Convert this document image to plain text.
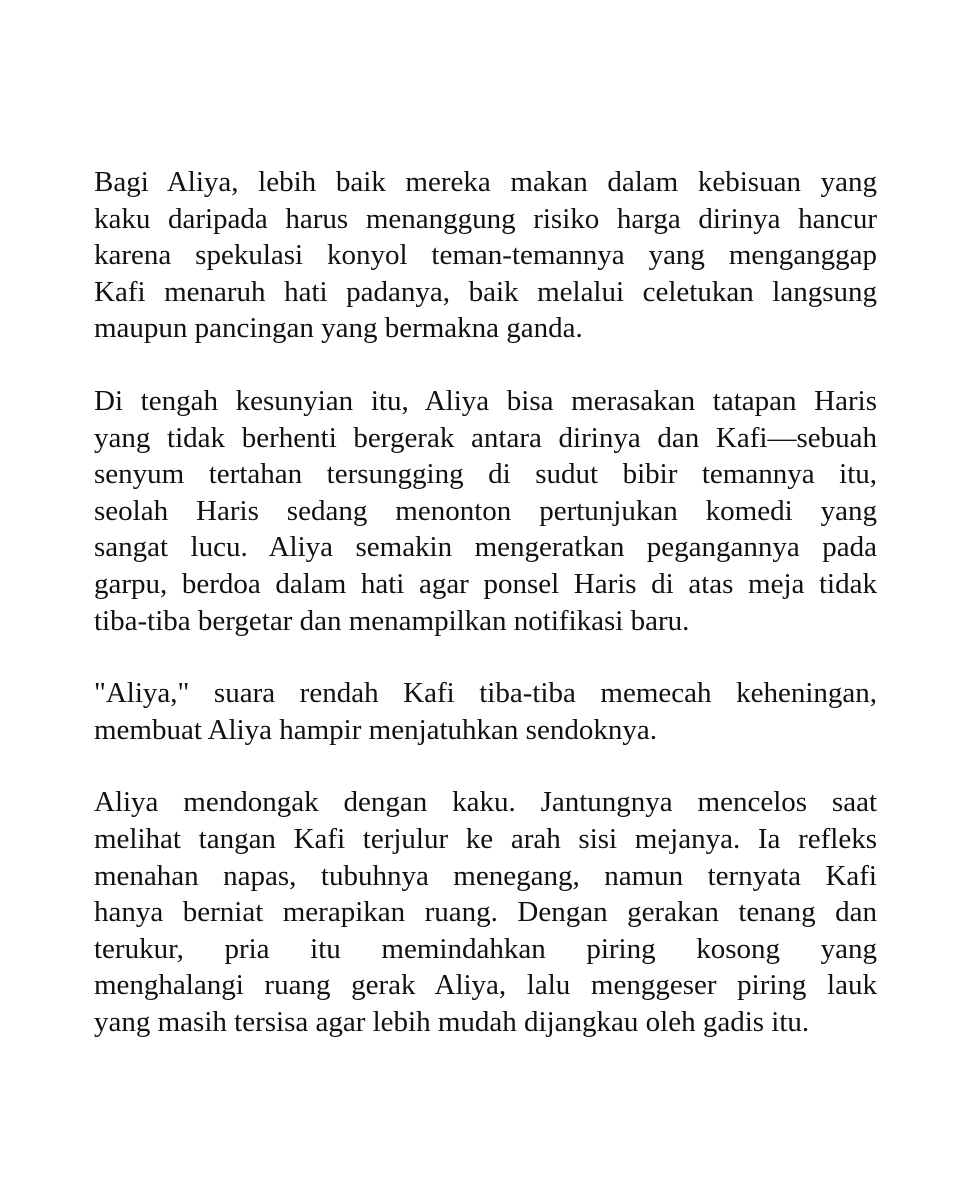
Bagi Aliya, lebih baik mereka makan dalam kebisuan yang
kaku daripada harus menanggung risiko harga dirinya hancur
karena spekulasi konyol teman-temannya yang menganggap
Kafi menaruh hati padanya, baik melalui celetukan langsung
maupun pancingan yang bermakna ganda.

Di tengah kesunyian itu, Aliya bisa merasakan tatapan Haris
yang tidak berhenti bergerak antara dirinya dan Kafi—sebuah
senyum tertahan tersungging di sudut bibir temannya itu,
seolah Haris sedang menonton pertunjukan komedi yang
sangat lucu. Aliya semakin mengeratkan pegangannya pada
garpu, berdoa dalam hati agar ponsel Haris di atas meja tidak
tiba-tiba bergetar dan menampilkan notifikasi baru.

"Aliya," suara rendah Kafi tiba-tiba memecah keheningan,
membuat Aliya hampir menjatuhkan sendoknya.

Aliya mendongak dengan kaku. Jantungnya mencelos saat
melihat tangan Kafi terjulur ke arah sisi mejanya. Ia refleks
menahan napas, tubuhnya menegang, namun ternyata Kafi
hanya berniat merapikan ruang. Dengan gerakan tenang dan
terukur, pria itu memindahkan piring kosong yang
menghalangi ruang gerak Aliya, lalu menggeser piring lauk
yang masih tersisa agar lebih mudah dijangkau oleh gadis itu.
